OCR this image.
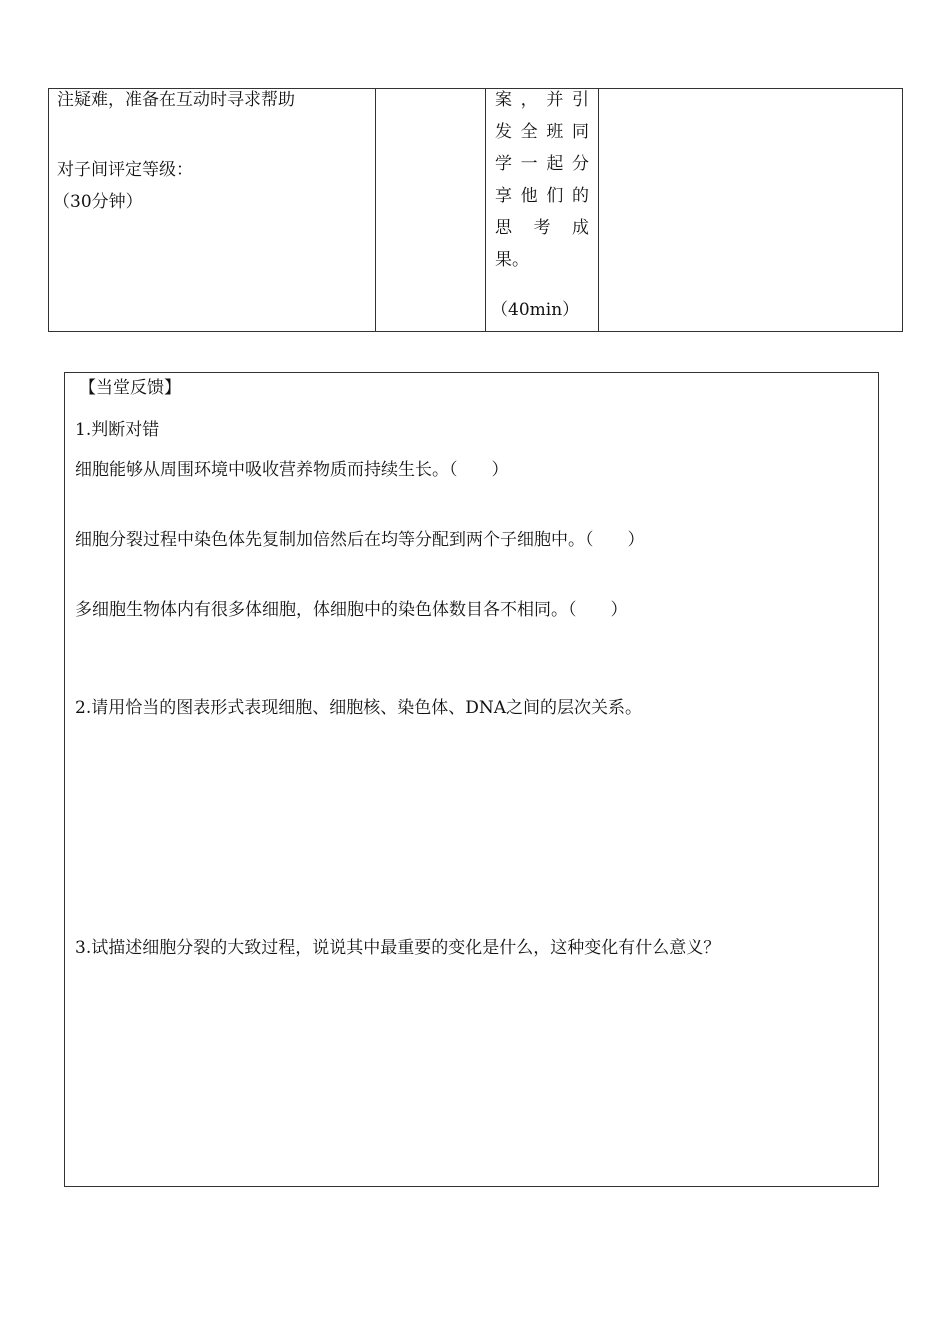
注疑难，准备在互动时寻求帮助
对子间评定等级：
（30分钟）
案 ， 并 引
发 全 班 同
学 一 起 分
享 他 们 的
思 考 成
果。
（40min）
【当堂反馈】
1.判断对错
细胞能够从周围环境中吸收营养物质而持续生长。（　　）
细胞分裂过程中染色体先复制加倍然后在均等分配到两个子细胞中。（　　）
多细胞生物体内有很多体细胞，体细胞中的染色体数目各不相同。（　　）
2.请用恰当的图表形式表现细胞、细胞核、染色体、DNA之间的层次关系。
3.试描述细胞分裂的大致过程，说说其中最重要的变化是什么，这种变化有什么意义？
